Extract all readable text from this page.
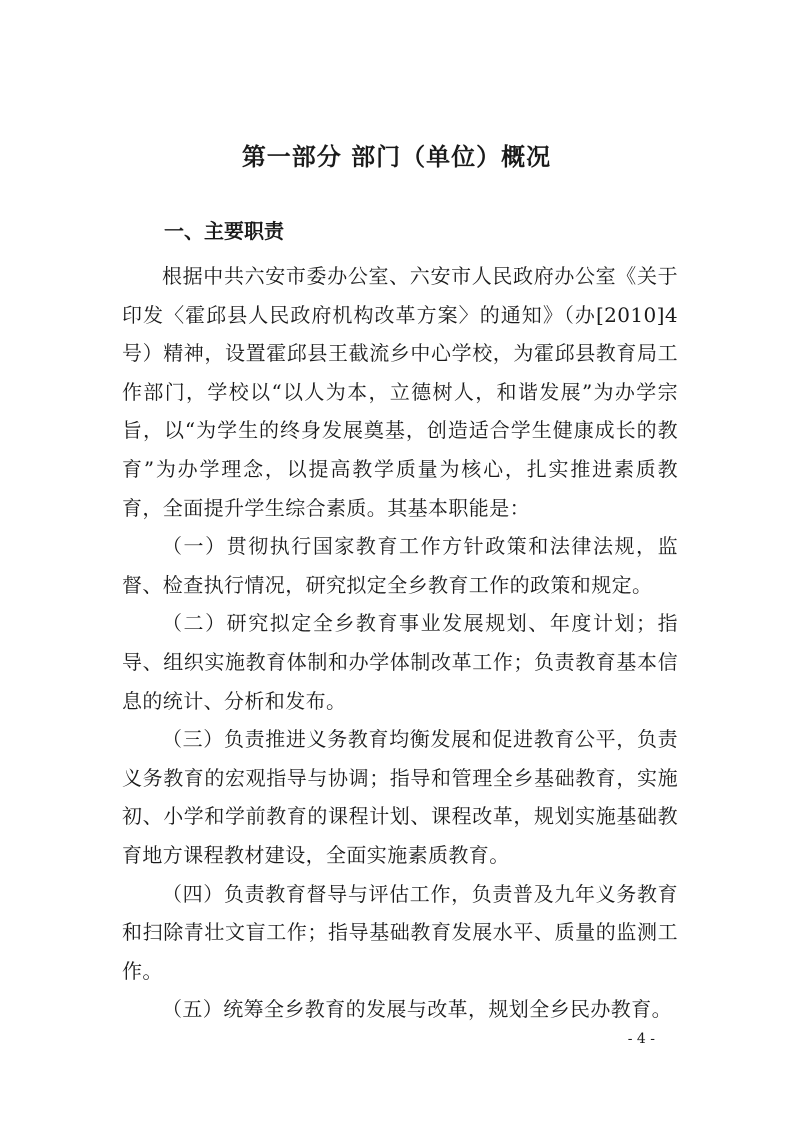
第一部分 部门（单位）概况
一、主要职责

根据中共六安市委办公室、六安市人民政府办公室《关于印发〈霍邱县人民政府机构改革方案〉的通知》（办[2010]4号）精神，设置霍邱县王截流乡中心学校，为霍邱县教育局工作部门，学校以“以人为本，立德树人，和谐发展”为办学宗旨，以“为学生的终身发展奠基，创造适合学生健康成长的教育”为办学理念，以提高教学质量为核心，扎实推进素质教育，全面提升学生综合素质。其基本职能是：

（一）贯彻执行国家教育工作方针政策和法律法规，监督、检查执行情况，研究拟定全乡教育工作的政策和规定。

（二）研究拟定全乡教育事业发展规划、年度计划；指导、组织实施教育体制和办学体制改革工作；负责教育基本信息的统计、分析和发布。

（三）负责推进义务教育均衡发展和促进教育公平，负责义务教育的宏观指导与协调；指导和管理全乡基础教育，实施初、小学和学前教育的课程计划、课程改革，规划实施基础教育地方课程教材建设，全面实施素质教育。

（四）负责教育督导与评估工作，负责普及九年义务教育和扫除青壮文盲工作；指导基础教育发展水平、质量的监测工作。

（五）统筹全乡教育的发展与改革，规划全乡民办教育。

- 4 -
